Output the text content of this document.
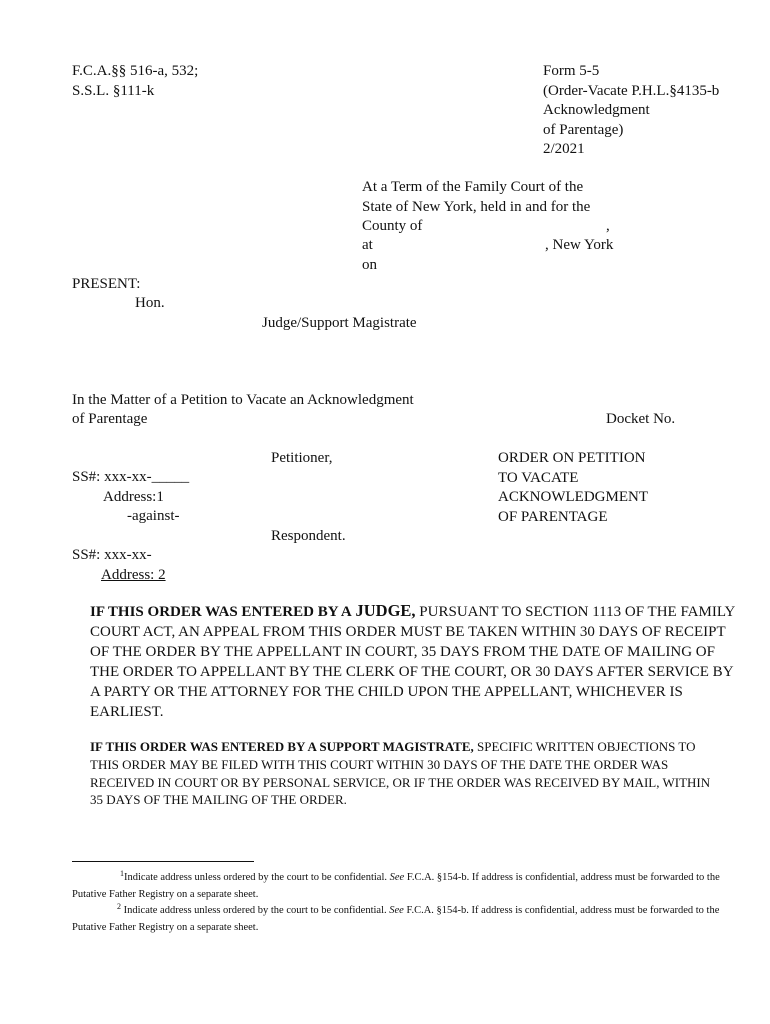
F.C.A.§§ 516-a, 532;
S.S.L. §111-k
Form 5-5
(Order-Vacate P.H.L.§4135-b
Acknowledgment
of Parentage)
2/2021
At a Term of the Family Court of the
State of New York, held in and for the
County of	,
at	, New York
on
PRESENT:
Hon.
Judge/Support Magistrate
In the Matter of a Petition to Vacate an Acknowledgment
of Parentage	Docket No.
Petitioner,
SS#: xxx-xx-_____
Address:1
-against-
Respondent.
SS#: xxx-xx-
Address: 2
ORDER ON PETITION
TO VACATE
ACKNOWLEDGMENT
OF PARENTAGE
IF THIS ORDER WAS ENTERED BY A JUDGE, PURSUANT TO SECTION 1113 OF THE FAMILY COURT ACT, AN APPEAL FROM THIS ORDER MUST BE TAKEN WITHIN 30 DAYS OF RECEIPT OF THE ORDER BY THE APPELLANT IN COURT, 35 DAYS FROM THE DATE OF MAILING OF THE ORDER TO APPELLANT BY THE CLERK OF THE COURT, OR 30 DAYS AFTER SERVICE BY A PARTY OR THE ATTORNEY FOR THE CHILD UPON THE APPELLANT, WHICHEVER IS EARLIEST.
IF THIS ORDER WAS ENTERED BY A SUPPORT MAGISTRATE, SPECIFIC WRITTEN OBJECTIONS TO THIS ORDER MAY BE FILED WITH THIS COURT WITHIN 30 DAYS OF THE DATE THE ORDER WAS RECEIVED IN COURT OR BY PERSONAL SERVICE, OR IF THE ORDER WAS RECEIVED BY MAIL, WITHIN 35 DAYS OF THE MAILING OF THE ORDER.
$^1$Indicate address unless ordered by the court to be confidential. See F.C.A. §154-b. If address is confidential, address must be forwarded to the Putative Father Registry on a separate sheet.
$^2$ Indicate address unless ordered by the court to be confidential. See F.C.A. §154-b. If address is confidential, address must be forwarded to the Putative Father Registry on a separate sheet.
